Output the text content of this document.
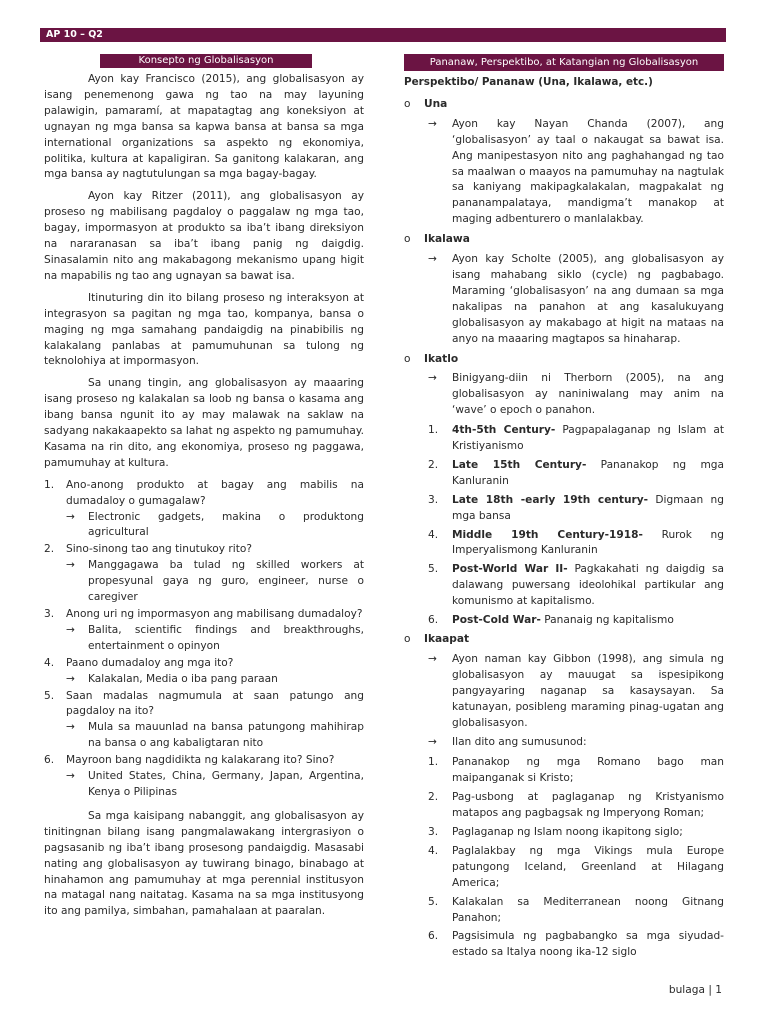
AP 10 – Q2
Konsepto ng Globalisasyon

Ayon kay Francisco (2015), ang globalisasyon ay isang penemenong gawa ng tao na may layuning palawigin, pamaramí, at mapatagtag ang koneksiyon at ugnayan ng mga bansa sa kapwa bansa at bansa sa mga international organizations sa aspekto ng ekonomiya, politika, kultura at kapaligiran. Sa ganitong kalakaran, ang mga bansa ay nagtutulungan sa mga bagay-bagay.

Ayon kay Ritzer (2011), ang globalisasyon ay proseso ng mabilisang pagdaloy o paggalaw ng mga tao, bagay, impormasyon at produkto sa iba’t ibang direksiyon na nararanasan sa iba’t ibang panig ng daigdig. Sinasalamin nito ang makabagong mekanismo upang higit na mapabilis ng tao ang ugnayan sa bawat isa.

Itinuturing din ito bilang proseso ng interaksyon at integrasyon sa pagitan ng mga tao, kompanya, bansa o maging ng mga samahang pandaigdig na pinabibilis ng kalakalang panlabas at pamumuhunan sa tulong ng teknolohiya at impormasyon.

Sa unang tingin, ang globalisasyon ay maaaring isang proseso ng kalakalan sa loob ng bansa o kasama ang ibang bansa ngunit ito ay may malawak na saklaw na sadyang nakakaapekto sa lahat ng aspekto ng pamumuhay. Kasama na rin dito, ang ekonomiya, proseso ng paggawa, pamumuhay at kultura.

1. Ano-anong produkto at bagay ang mabilis na dumadaloy o gumagalaw?
→ Electronic gadgets, makina o produktong agricultural
2. Sino-sinong tao ang tinutukoy rito?
→ Manggagawa ba tulad ng skilled workers at propesyunal gaya ng guro, engineer, nurse o caregiver
3. Anong uri ng impormasyon ang mabilisang dumadaloy?
→ Balita, scientific findings and breakthroughs, entertainment o opinyon
4. Paano dumadaloy ang mga ito?
→ Kalakalan, Media o iba pang paraan
5. Saan madalas nagmumula at saan patungo ang pagdaloy na ito?
→ Mula sa mauunlad na bansa patungong mahihirap na bansa o ang kabaligtaran nito
6. Mayroon bang nagdidikta ng kalakarang ito? Sino?
→ United States, China, Germany, Japan, Argentina, Kenya o Pilipinas

Sa mga kaisipang nabanggit, ang globalisasyon ay tinitingnan bilang isang pangmalawakang intergrasiyon o pagsasanib ng iba’t ibang prosesong pandaigdig. Masasabi nating ang globalisasyon ay tuwirang binago, binabago at hinahamon ang pamumuhay at mga perennial institusyon na matagal nang naitatag. Kasama na sa mga institusyong ito ang pamilya, simbahan, pamahalaan at paaralan.

Pananaw, Perspektibo, at Katangian ng Globalisasyon
Perspektibo/ Pananaw (Una, Ikalawa, etc.)
o Una
→ Ayon kay Nayan Chanda (2007), ang ‘globalisasyon’ ay taal o nakaugat sa bawat isa. Ang manipestasyon nito ang paghahangad ng tao sa maalwan o maayos na pamumuhay na nagtulak sa kaniyang makipagkalakalan, magpakalat ng pananampalataya, mandigma’t manakop at maging adbenturero o manlalakbay.
o Ikalawa
→ Ayon kay Scholte (2005), ang globalisasyon ay isang mahabang siklo (cycle) ng pagbabago. Maraming ‘globalisasyon’ na ang dumaan sa mga nakalipas na panahon at ang kasalukuyang globalisasyon ay makabago at higit na mataas na anyo na maaaring magtapos sa hinaharap.
o Ikatlo
→ Binigyang-diin ni Therborn (2005), na ang globalisasyon ay naniniwalang may anim na ‘wave’ o epoch o panahon.
1. 4th-5th Century- Pagpapalaganap ng Islam at Kristiyanismo
2. Late 15th Century- Pananakop ng mga Kanluranin
3. Late 18th -early 19th century- Digmaan ng mga bansa
4. Middle 19th Century-1918- Rurok ng Imperyalismong Kanluranin
5. Post-World War II- Pagkakahati ng daigdig sa dalawang puwersang ideolohikal partikular ang komunismo at kapitalismo.
6. Post-Cold War- Pananaig ng kapitalismo
o Ikaapat
→ Ayon naman kay Gibbon (1998), ang simula ng globalisasyon ay mauugat sa ispesipikong pangyayaring naganap sa kasaysayan. Sa katunayan, posibleng maraming pinag-ugatan ang globalisasyon.
→ Ilan dito ang sumusunod:
1. Pananakop ng mga Romano bago man maipanganak si Kristo;
2. Pag-usbong at paglaganap ng Kristyanismo matapos ang pagbagsak ng Imperyong Roman;
3. Paglaganap ng Islam noong ikapitong siglo;
4. Paglalakbay ng mga Vikings mula Europe patungong Iceland, Greenland at Hilagang America;
5. Kalakalan sa Mediterranean noong Gitnang Panahon;
6. Pagsisimula ng pagbabangko sa mga siyudad-estado sa Italya noong ika-12 siglo
bulaga | 1
